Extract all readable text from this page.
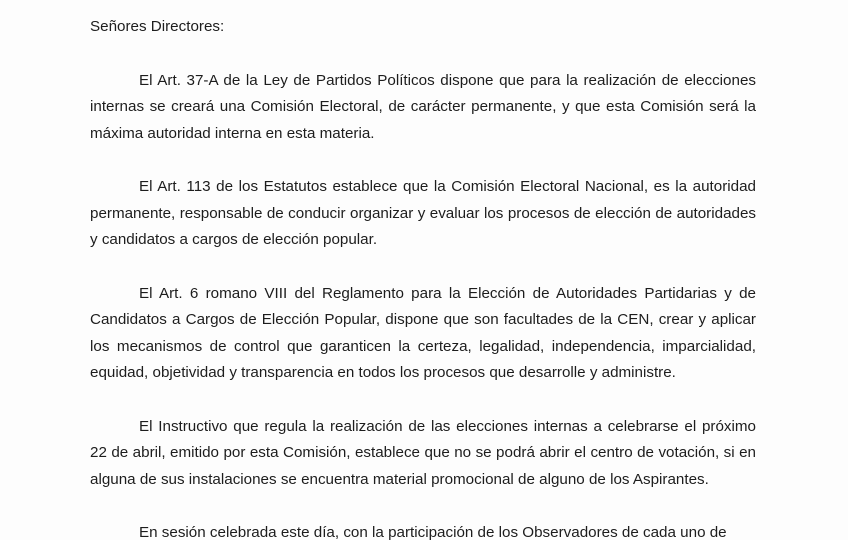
Señores Directores:

El Art. 37-A de la Ley de Partidos Políticos dispone que para la realización de elecciones internas se creará una Comisión Electoral, de carácter permanente, y que esta Comisión será la máxima autoridad interna en esta materia.

El Art. 113 de los Estatutos establece que la Comisión Electoral Nacional, es la autoridad permanente, responsable de conducir organizar y evaluar los procesos de elección de autoridades y candidatos a cargos de elección popular.

El Art. 6 romano VIII del Reglamento para la Elección de Autoridades Partidarias y de Candidatos a Cargos de Elección Popular, dispone que son facultades de la CEN, crear y aplicar los mecanismos de control que garanticen la certeza, legalidad, independencia, imparcialidad, equidad, objetividad y transparencia en todos los procesos que desarrolle y administre.

El Instructivo que regula la realización de las elecciones internas a celebrarse el próximo 22 de abril, emitido por esta Comisión, establece que no se podrá abrir el centro de votación, si en alguna de sus instalaciones se encuentra material promocional de alguno de los Aspirantes.

En sesión celebrada este día, con la participación de los Observadores de cada uno de
